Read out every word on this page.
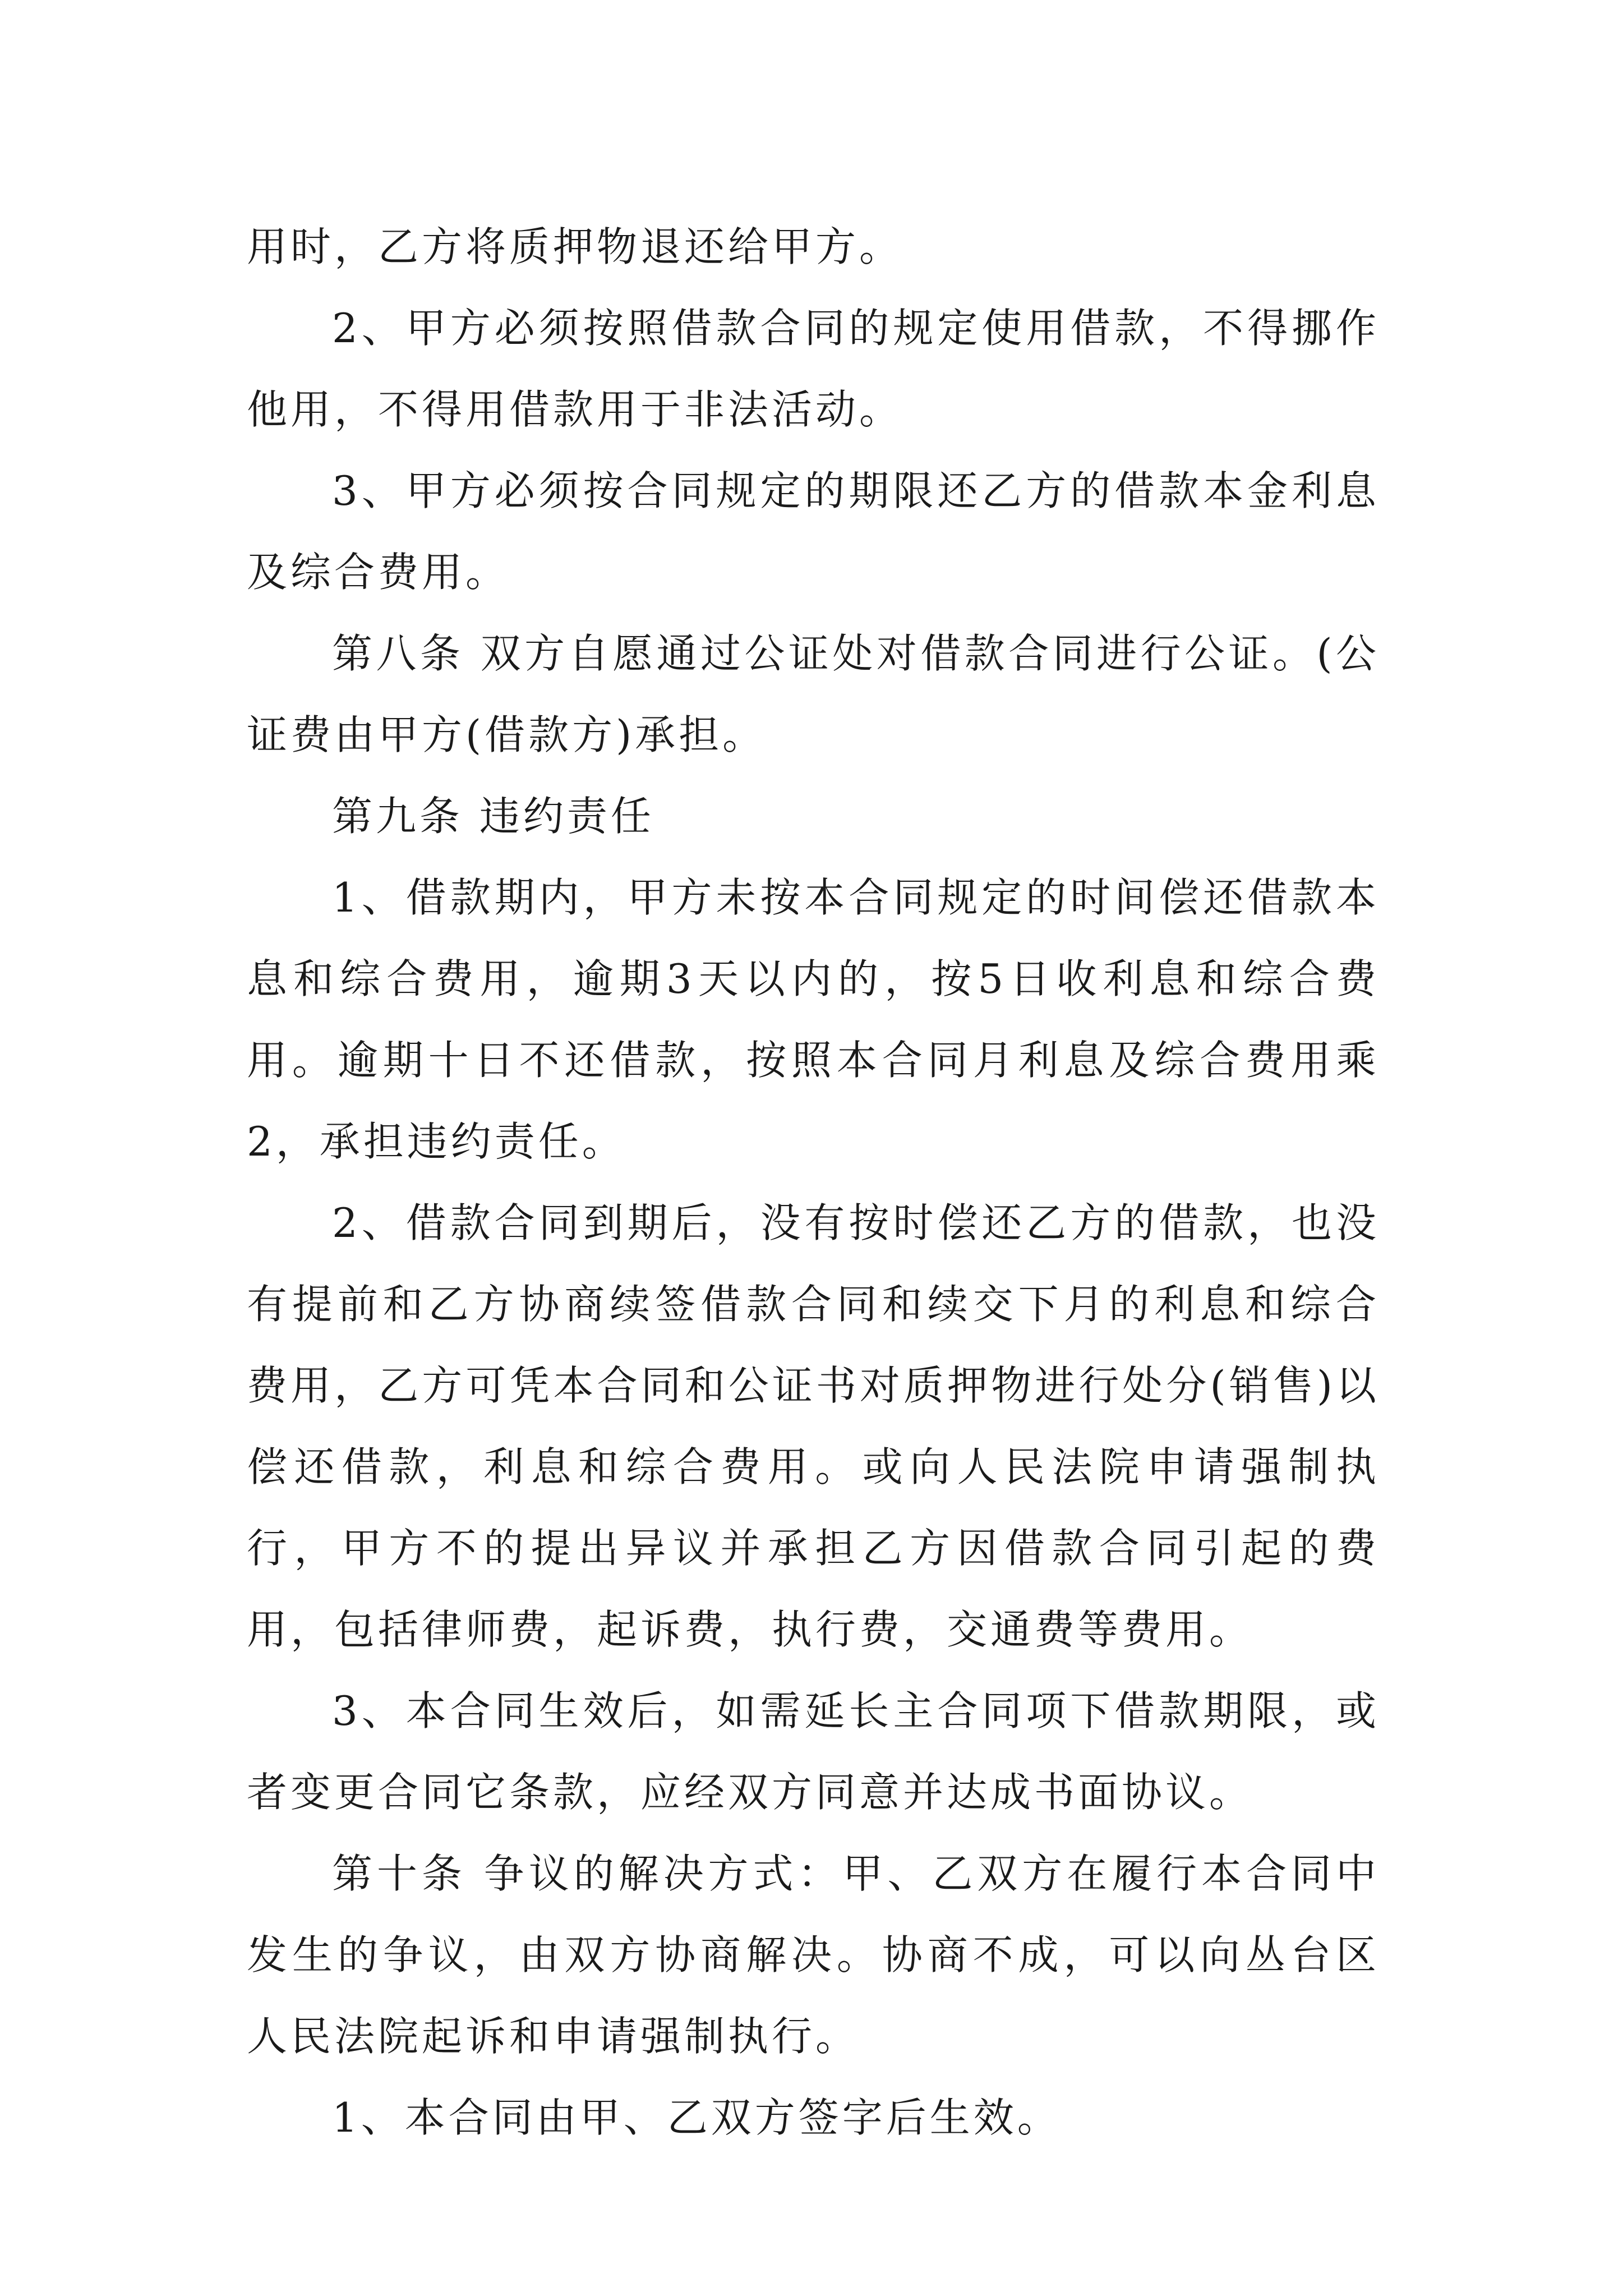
用时，乙方将质押物退还给甲方。

2、甲方必须按照借款合同的规定使用借款，不得挪作他用，不得用借款用于非法活动。

3、甲方必须按合同规定的期限还乙方的借款本金利息及综合费用。

第八条 双方自愿通过公证处对借款合同进行公证。(公证费由甲方(借款方)承担。

第九条 违约责任

1、借款期内，甲方未按本合同规定的时间偿还借款本息和综合费用，逾期3天以内的，按5日收利息和综合费用。逾期十日不还借款，按照本合同月利息及综合费用乘2，承担违约责任。

2、借款合同到期后，没有按时偿还乙方的借款，也没有提前和乙方协商续签借款合同和续交下月的利息和综合费用，乙方可凭本合同和公证书对质押物进行处分(销售)以偿还借款，利息和综合费用。或向人民法院申请强制执行，甲方不的提出异议并承担乙方因借款合同引起的费用，包括律师费，起诉费，执行费，交通费等费用。

3、本合同生效后，如需延长主合同项下借款期限，或者变更合同它条款，应经双方同意并达成书面协议。

第十条 争议的解决方式：甲、乙双方在履行本合同中发生的争议，由双方协商解决。协商不成，可以向丛台区人民法院起诉和申请强制执行。

1、本合同由甲、乙双方签字后生效。
